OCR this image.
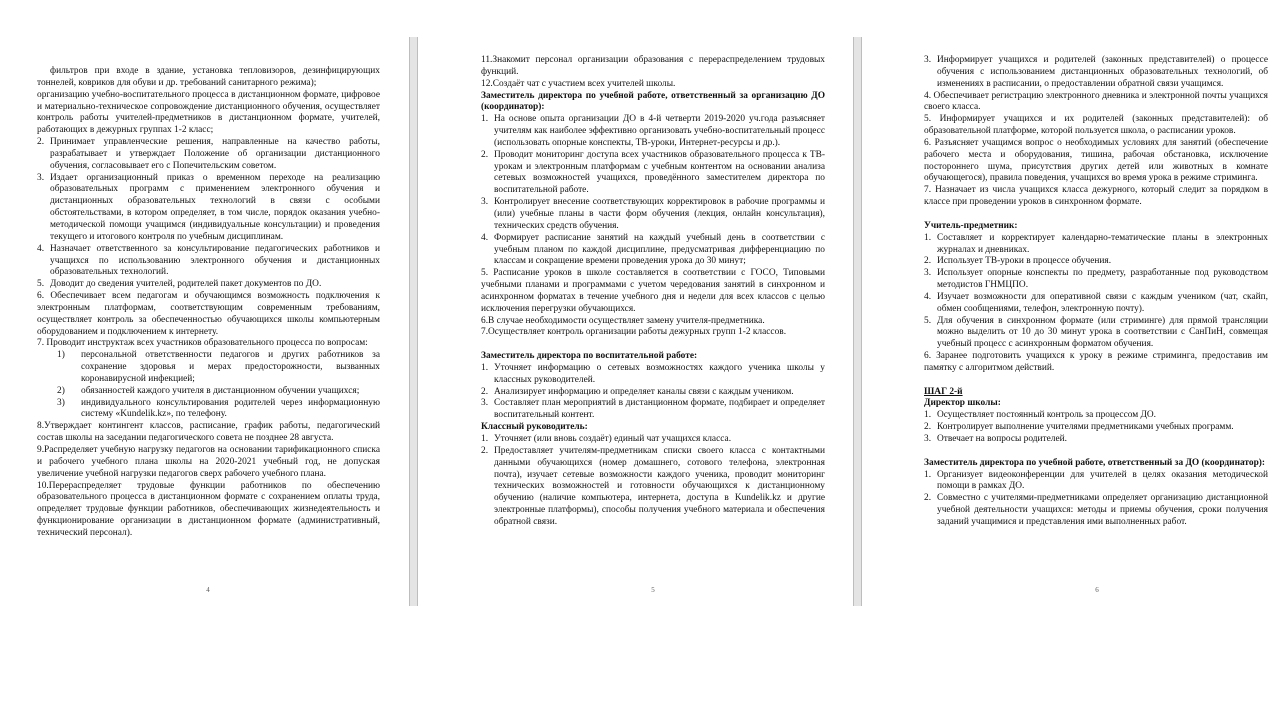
фильтров при входе в здание, установка тепловизоров, дезинфицирующих тоннелей, ковриков для обуви и др. требований санитарного режима);

организацию учебно-воспитательного процесса в дистанционном формате, цифровое и материально-техническое сопровождение дистанционного обучения, осуществляет контроль работы учителей-предметников в дистанционном формате, учителей, работающих в дежурных группах 1-2 класс;

2. Принимает управленческие решения, направленные на качество работы, разрабатывает и утверждает Положение об организации дистанционного обучения, согласовывает его с Попечительским советом.
3. Издает организационный приказ о временном переходе на реализацию образовательных программ с применением электронного обучения и дистанционных образовательных технологий в связи с особыми обстоятельствами, в котором определяет, в том числе, порядок оказания учебно-методической помощи учащимся (индивидуальные консультации) и проведения текущего и итогового контроля по учебным дисциплинам.
4. Назначает ответственного за консультирование педагогических работников и учащихся по использованию электронного обучения и дистанционных образовательных технологий.
5. Доводит до сведения учителей, родителей пакет документов по ДО.

6. Обеспечивает всем педагогам и обучающимся возможность подключения к электронным платформам, соответствующим современным требованиям, осуществляет контроль за обеспеченностью обучающихся школы компьютерным оборудованием и подключением к интернету.

7. Проводит инструктаж всех участников образовательного процесса по вопросам:

1)	персональной ответственности педагогов и других работников за сохранение здоровья и мерах предосторожности, вызванных коронавирусной инфекцией;
2)	обязанностей каждого учителя в дистанционном обучении учащихся;
3)	индивидуального консультирования родителей через информационную систему «Kundelik.kz», по телефону.

8.Утверждает контингент классов, расписание, график работы, педагогический состав школы на заседании педагогического совета не позднее 28 августа.

9.Распределяет учебную нагрузку педагогов на основании тарификационного списка и рабочего учебного плана школы на 2020-2021 учебный год, не допуская увеличение учебной нагрузки педагогов сверх рабочего учебного плана.

10.Перераспределяет трудовые функции работников по обеспечению образовательного процесса в дистанционном формате с сохранением оплаты труда, определяет трудовые функции работников, обеспечивающих жизнедеятельность и функционирование организации в дистанционном формате (административный, технический персонал).

4

11.Знакомит персонал организации образования с перераспределением трудовых функций.

12.Создаёт чат с участием всех учителей школы.

Заместитель директора по учебной работе, ответственный за организацию ДО (координатор):

1. На основе опыта организации ДО в 4-й четверти 2019-2020 уч.года разъясняет учителям как наиболее эффективно организовать учебно-воспитательный процесс (использовать опорные конспекты, ТВ-уроки, Интернет-ресурсы и др.).
2. Проводит мониторинг доступа всех участников образовательного процесса к ТВ-урокам и электронным платформам с учебным контентом на основании анализа сетевых возможностей учащихся, проведённого заместителем директора по воспитательной работе.
3. Контролирует внесение соответствующих корректировок в рабочие программы и (или) учебные планы в части форм обучения (лекция, онлайн консультация), технических средств обучения.
4. Формирует расписание занятий на каждый учебный день в соответствии с учебным планом по каждой дисциплине, предусматривая дифференциацию по классам и сокращение времени проведения урока до 30 минут;

5. Расписание уроков в школе составляется в соответствии с ГОСО, Типовыми учебными планами и программами с учетом чередования занятий в синхронном и асинхронном форматах в течение учебного дня и недели для всех классов с целью исключения перегрузки обучающихся.

6.В случае необходимости осуществляет замену учителя-предметника.

7.Осуществляет контроль организации работы дежурных групп 1-2 классов.

Заместитель директора по воспитательной работе:

1. Уточняет информацию о сетевых возможностях каждого ученика школы у классных руководителей.
2. Анализирует информацию и определяет каналы связи с каждым учеником.
3. Составляет план мероприятий в дистанционном формате, подбирает и определяет воспитательный контент.

Классный руководитель:

1. Уточняет (или вновь создаёт) единый чат учащихся класса.
2. Предоставляет учителям-предметникам списки своего класса с контактными данными обучающихся (номер домашнего, сотового телефона, электронная почта), изучает сетевые возможности каждого ученика, проводит мониторинг технических возможностей и готовности обучающихся к дистанционному обучению (наличие компьютера, интернета, доступа в Kundelik.kz и другие электронные платформы), способы получения учебного материала и обеспечения обратной связи.
5
3. Информирует учащихся и родителей (законных представителей) о процессе обучения с использованием дистанционных образовательных технологий, об изменениях в расписании, о предоставлении обратной связи учащимся.

4. Обеспечивает регистрацию электронного дневника и электронной почты учащихся своего класса.

5. Информирует учащихся и их родителей (законных представителей): об образовательной платформе, которой пользуется школа, о расписании уроков.

6. Разъясняет учащимся вопрос о необходимых условиях для занятий (обеспечение рабочего места и оборудования, тишина, рабочая обстановка, исключение постороннего шума, присутствия других детей или животных в комнате обучающегося), правила поведения, учащихся во время урока в режиме стриминга.

7. Назначает из числа учащихся класса дежурного, который следит за порядком в классе при проведении уроков в синхронном формате.

Учитель-предметник:

1. Составляет и корректирует календарно-тематические планы в электронных журналах и дневниках.
2. Использует ТВ-уроки в процессе обучения.
3. Использует опорные конспекты по предмету, разработанные под руководством методистов ГНМЦПО.
4. Изучает возможности для оперативной связи с каждым учеником (чат, скайп, обмен сообщениями, телефон, электронную почту).
5. Для обучения в синхронном формате (или стриминге) для прямой трансляции можно выделить от 10 до 30 минут урока в соответствии с СанПиН, совмещая учебный процесс с асинхронным форматом обучения.

6. Заранее подготовить учащихся к уроку в режиме стриминга, предоставив им памятку с алгоритмом действий.

ШАГ 2-й

Директор школы:

1. Осуществляет постоянный контроль за процессом ДО.
2. Контролирует выполнение учителями предметниками учебных программ.
3. Отвечает на вопросы родителей.

Заместитель директора по учебной работе, ответственный за ДО (координатор):

1. Организует видеоконференции для учителей в целях оказания методической помощи в рамках ДО.
2. Совместно с учителями-предметниками определяет организацию дистанционной учебной деятельности учащихся: методы и приемы обучения, сроки получения заданий учащимися и представления ими выполненных работ.
6
